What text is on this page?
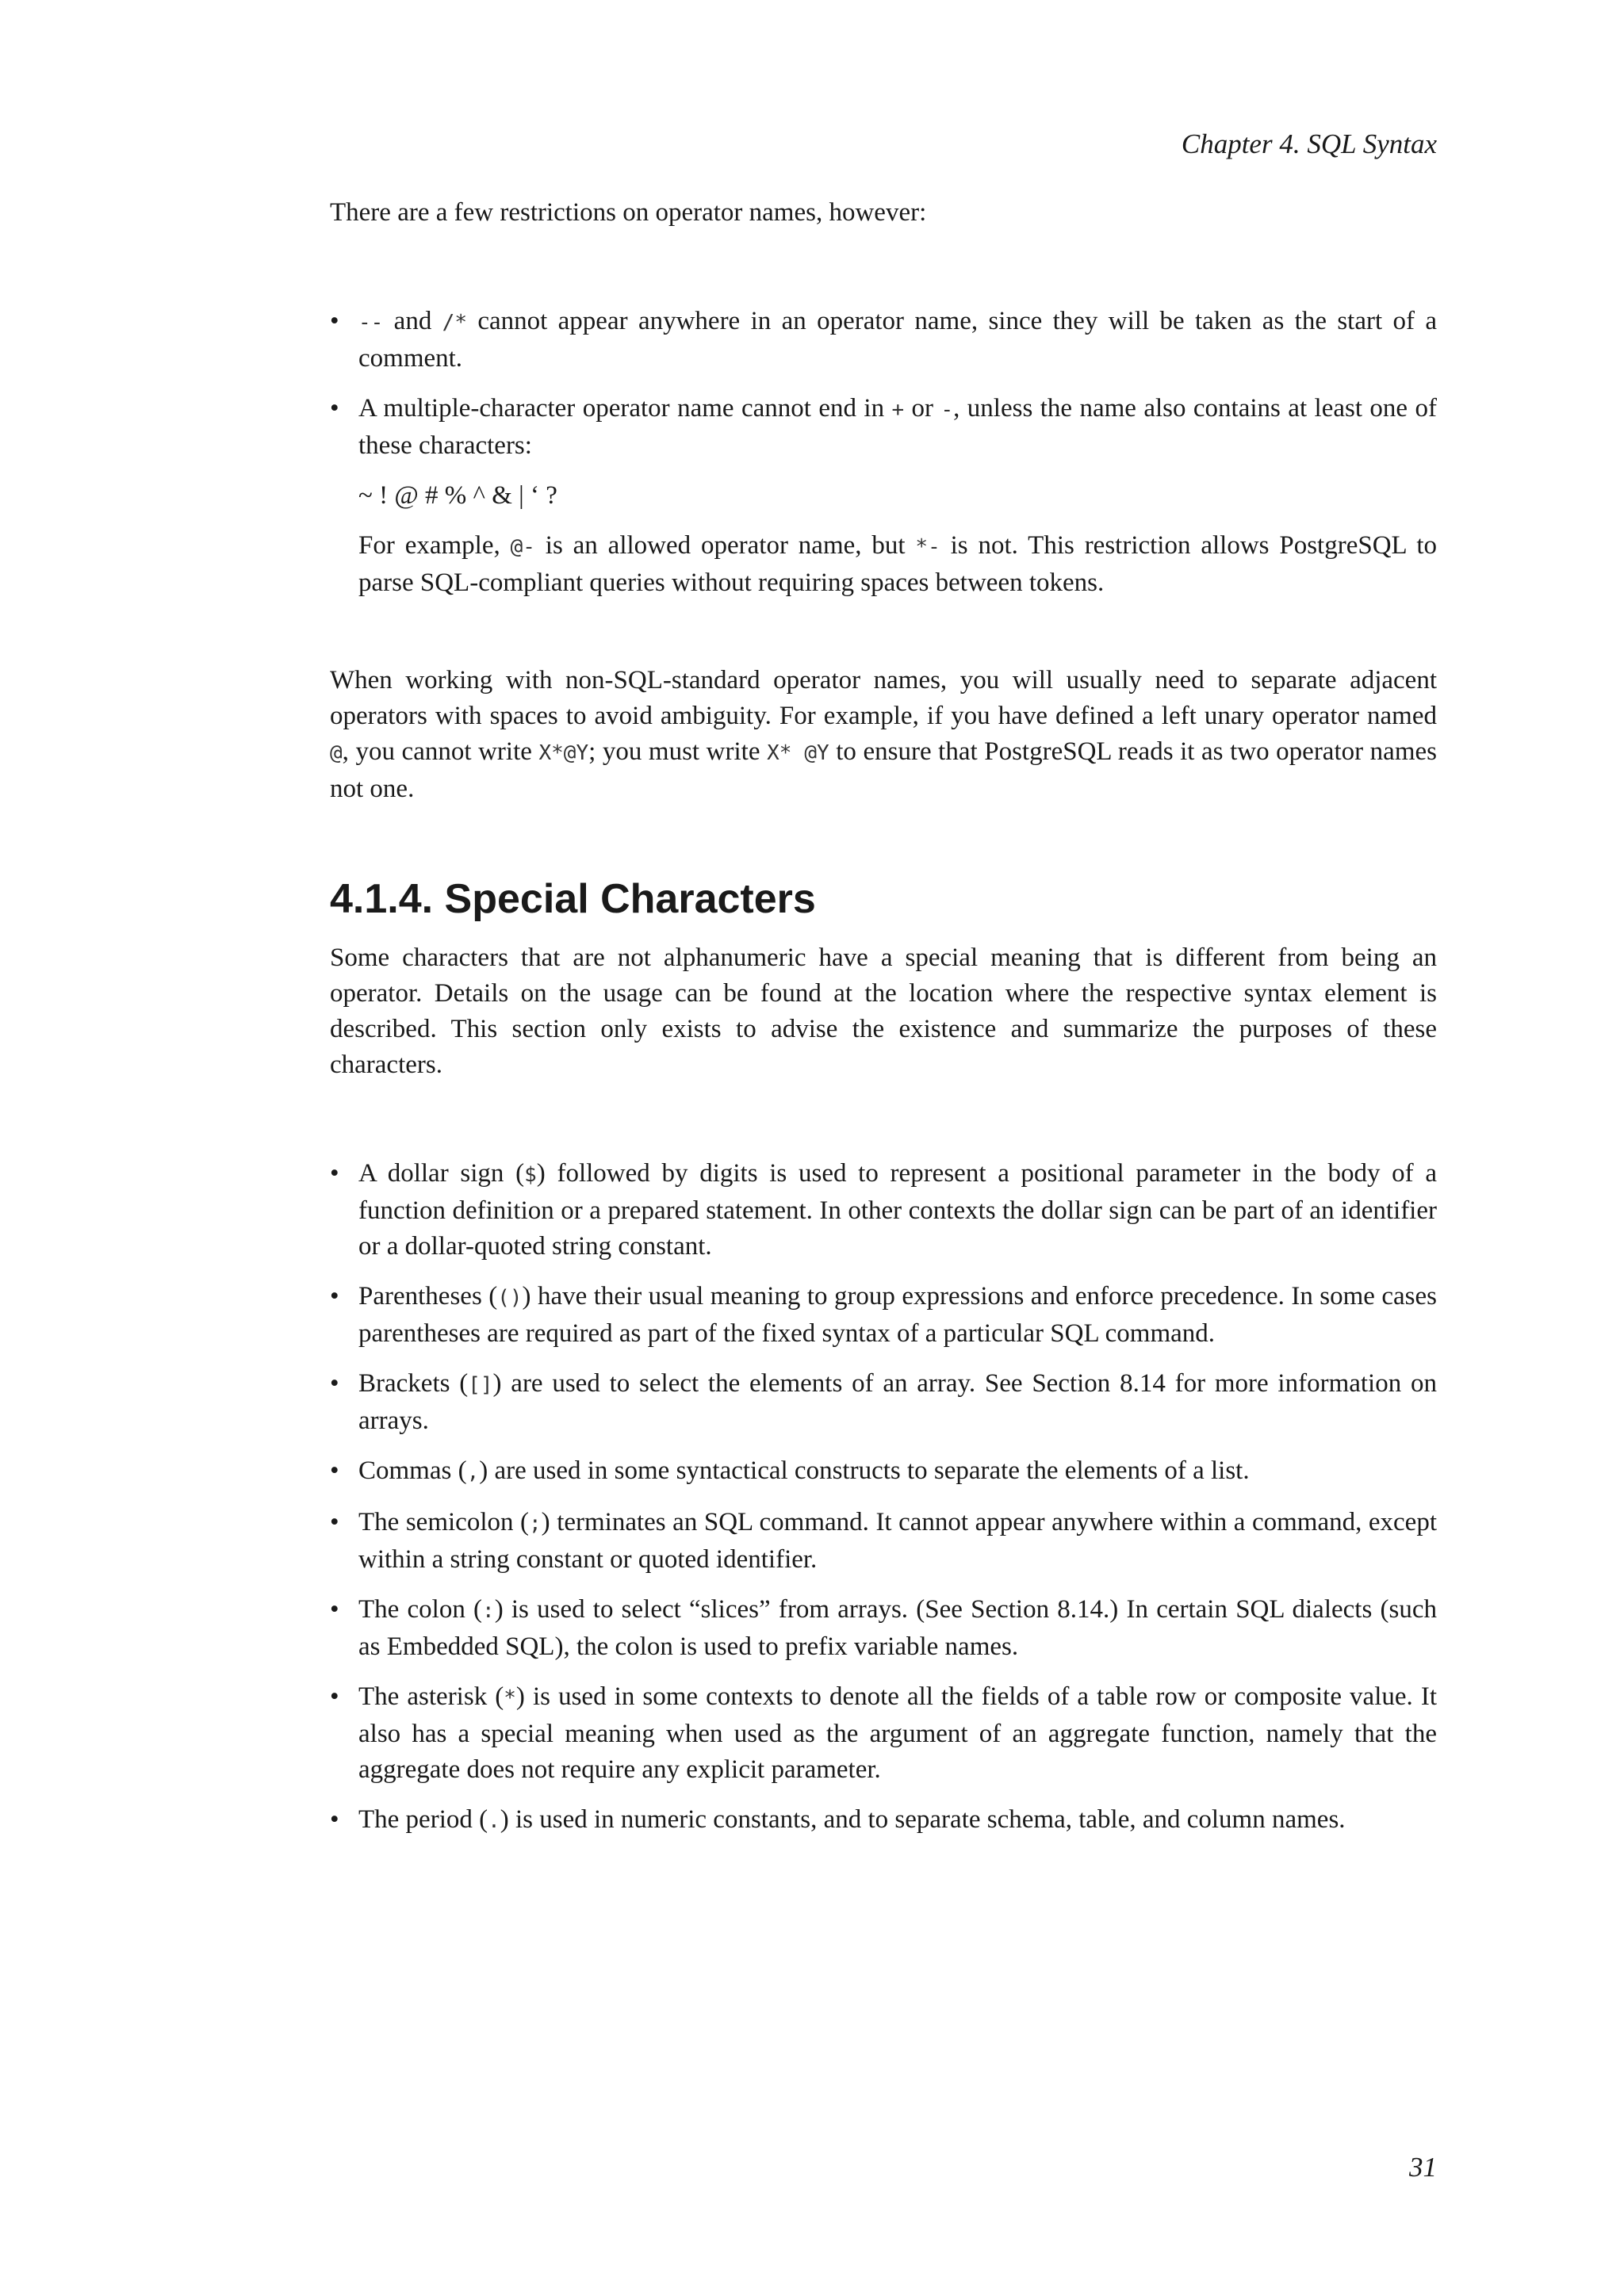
Chapter 4. SQL Syntax

There are a few restrictions on operator names, however:

• -- and /* cannot appear anywhere in an operator name, since they will be taken as the start of a comment.
• A multiple-character operator name cannot end in + or -, unless the name also contains at least one of these characters:

~ ! @ # % ^ & | ‘ ?

For example, @- is an allowed operator name, but *- is not. This restriction allows PostgreSQL to parse SQL-compliant queries without requiring spaces between tokens.

When working with non-SQL-standard operator names, you will usually need to separate adjacent operators with spaces to avoid ambiguity. For example, if you have defined a left unary operator named @, you cannot write X*@Y; you must write X* @Y to ensure that PostgreSQL reads it as two operator names not one.

4.1.4. Special Characters

Some characters that are not alphanumeric have a special meaning that is different from being an operator. Details on the usage can be found at the location where the respective syntax element is described. This section only exists to advise the existence and summarize the purposes of these characters.

• A dollar sign ($) followed by digits is used to represent a positional parameter in the body of a function definition or a prepared statement. In other contexts the dollar sign can be part of an identifier or a dollar-quoted string constant.
• Parentheses (()) have their usual meaning to group expressions and enforce precedence. In some cases parentheses are required as part of the fixed syntax of a particular SQL command.
• Brackets ([]) are used to select the elements of an array. See Section 8.14 for more information on arrays.
• Commas (,) are used in some syntactical constructs to separate the elements of a list.
• The semicolon (;) terminates an SQL command. It cannot appear anywhere within a command, except within a string constant or quoted identifier.
• The colon (:) is used to select “slices” from arrays. (See Section 8.14.) In certain SQL dialects (such as Embedded SQL), the colon is used to prefix variable names.
• The asterisk (*) is used in some contexts to denote all the fields of a table row or composite value. It also has a special meaning when used as the argument of an aggregate function, namely that the aggregate does not require any explicit parameter.
• The period (.) is used in numeric constants, and to separate schema, table, and column names.
31
